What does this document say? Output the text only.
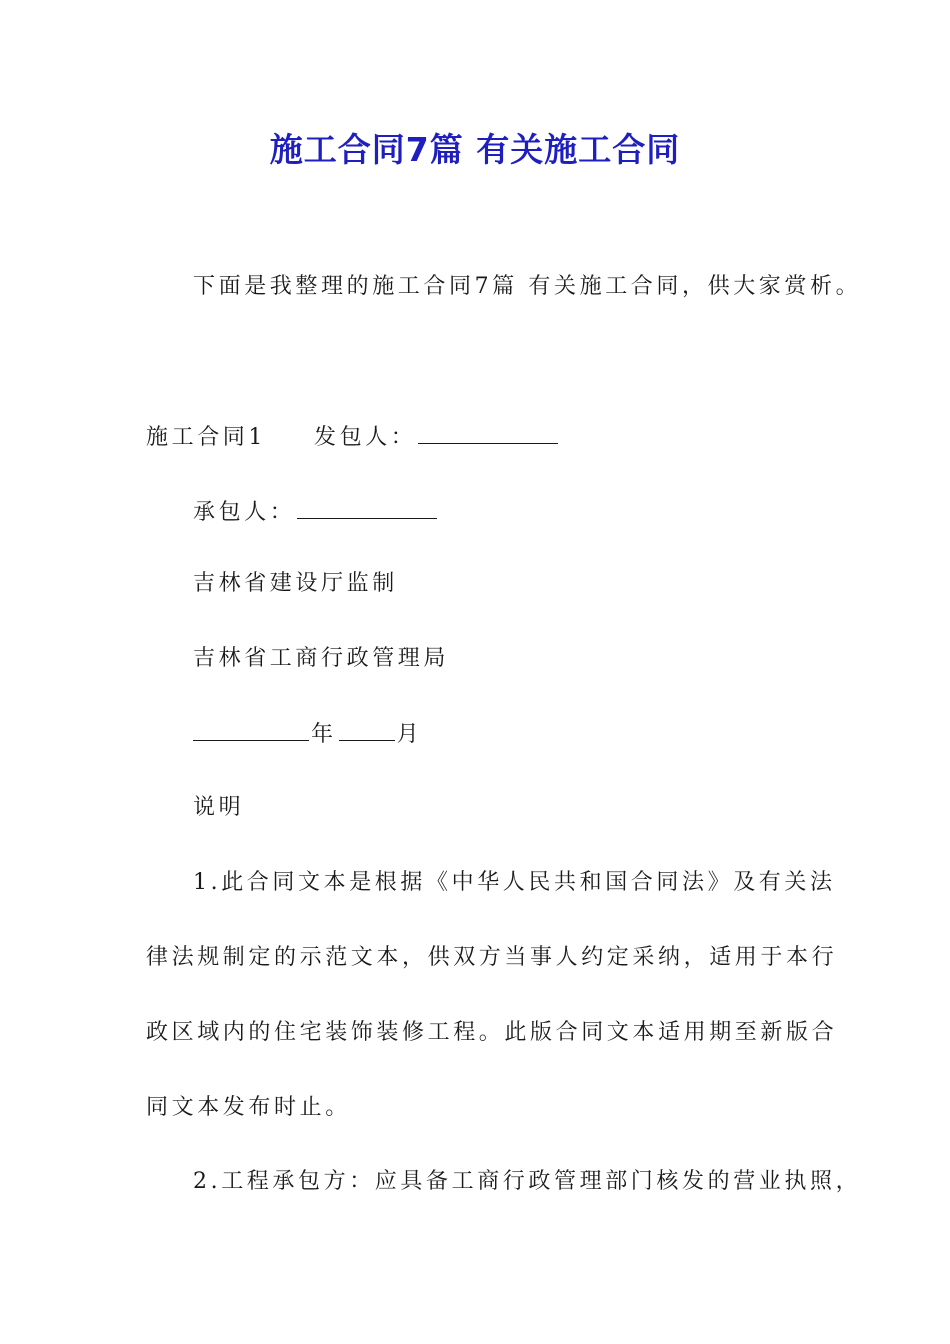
施工合同7篇 有关施工合同
下面是我整理的施工合同7篇 有关施工合同，供大家赏析。
施工合同1 发包人：
承包人：
吉林省建设厅监制
吉林省工商行政管理局
年	月
说明
1.此合同文本是根据《中华人民共和国合同法》及有关法
律法规制定的示范文本，供双方当事人约定采纳，适用于本行
政区域内的住宅装饰装修工程。此版合同文本适用期至新版合
同文本发布时止。
2.工程承包方：应具备工商行政管理部门核发的营业执照，
